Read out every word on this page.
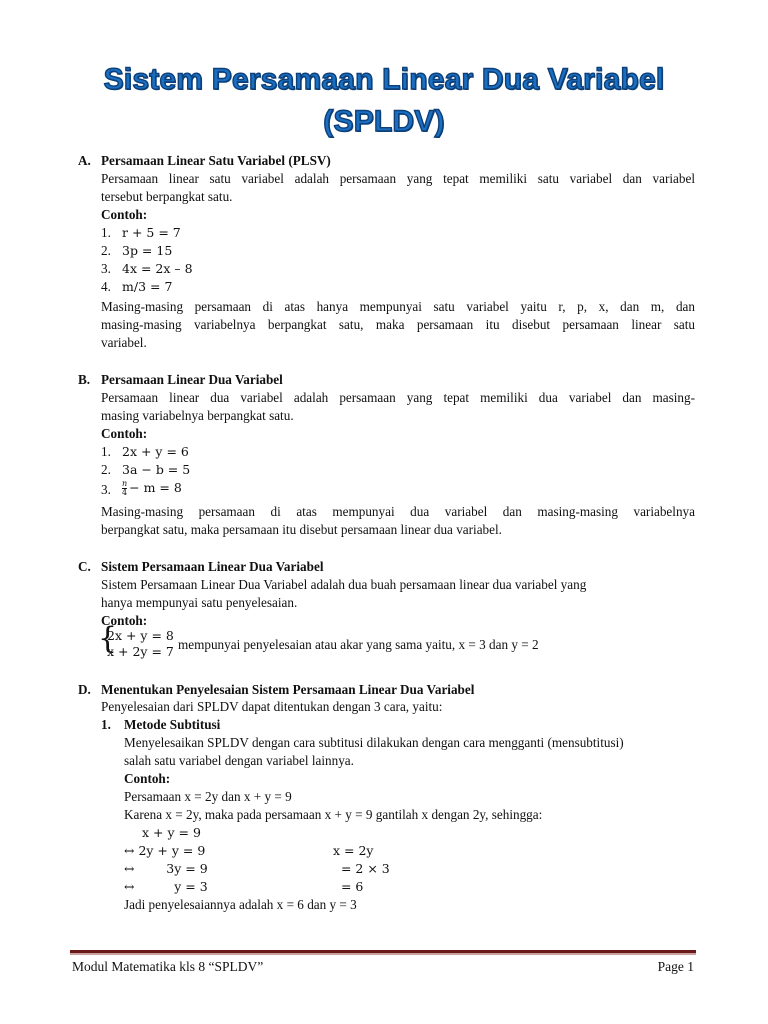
Sistem Persamaan Linear Dua Variabel
(SPLDV)
A. Persamaan Linear Satu Variabel (PLSV)
Persamaan linear satu variabel adalah persamaan yang tepat memiliki satu variabel dan variabel
tersebut berpangkat satu.
Contoh:
1. r + 5 = 7
2. 3p = 15
3. 4x = 2x – 8
4. m/3 = 7
Masing-masing persamaan di atas hanya mempunyai satu variabel yaitu r, p, x, dan m, dan
masing-masing variabelnya berpangkat satu, maka persamaan itu disebut persamaan linear satu
variabel.
B. Persamaan Linear Dua Variabel
Persamaan linear dua variabel adalah persamaan yang tepat memiliki dua variabel dan masing-
masing variabelnya berpangkat satu.
Contoh:
1. 2x + y = 6
2. 3a − b = 5
3. $\frac{n}{4} - m = 8$
Masing-masing persamaan di atas mempunyai dua variabel dan masing-masing variabelnya
berpangkat satu, maka persamaan itu disebut persamaan linear dua variabel.
C. Sistem Persamaan Linear Dua Variabel
Sistem Persamaan Linear Dua Variabel adalah dua buah persamaan linear dua variabel yang
hanya mempunyai satu penyelesaian.
Contoh:
{
2x + y = 8
x + 2y = 7 mempunyai penyelesaian atau akar yang sama yaitu, x = 3 dan y = 2
D. Menentukan Penyelesaian Sistem Persamaan Linear Dua Variabel
Penyelesaian dari SPLDV dapat ditentukan dengan 3 cara, yaitu:
1. Metode Subtitusi
Menyelesaikan SPLDV dengan cara subtitusi dilakukan dengan cara mengganti (mensubtitusi)
salah satu variabel dengan variabel lainnya.
Contoh:
Persamaan x = 2y dan x + y = 9
Karena x = 2y, maka pada persamaan x + y = 9 gantilah x dengan 2y, sehingga:
x + y = 9
↔ 2y + y = 9
↔        3y = 9
↔          y = 3
x = 2y
= 2 × 3
= 6
Jadi penyelesaiannya adalah x = 6 dan y = 3
Modul Matematika kls 8 “SPLDV”	Page 1
